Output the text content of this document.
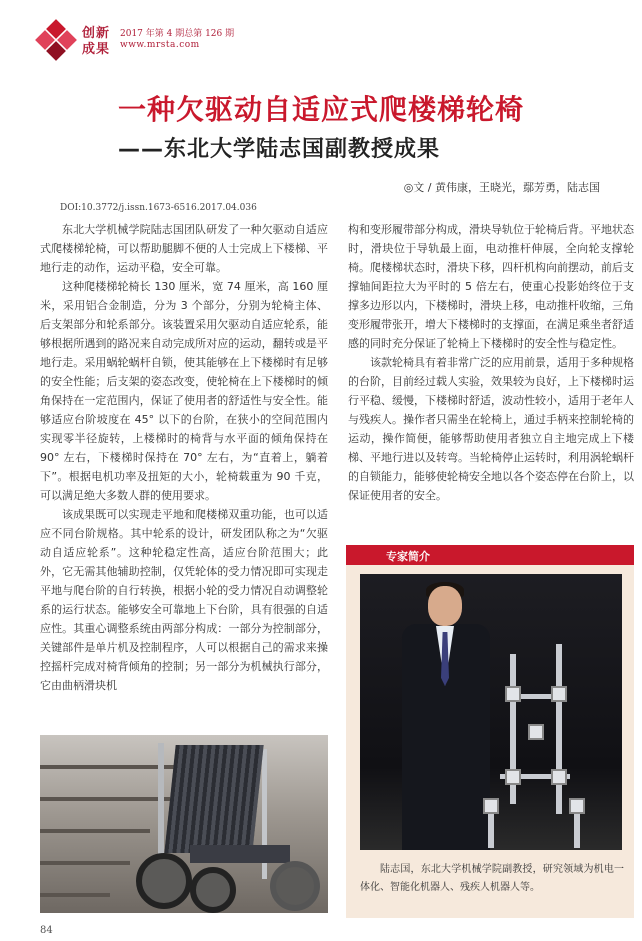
创新
成果
2017 年第 4 期总第 126 期
www.mrsta.com
一种欠驱动自适应式爬楼梯轮椅
——东北大学陆志国副教授成果
◎文 / 黄伟康，王晓光，鄢芳勇，陆志国
DOI:10.3772/j.issn.1673-6516.2017.04.036

东北大学机械学院陆志国团队研发了一种欠驱动自适应式爬楼梯轮椅，可以帮助腿脚不便的人士完成上下楼梯、平地行走的动作，运动平稳，安全可靠。

这种爬楼梯轮椅长 130 厘米，宽 74 厘米，高 160 厘米，采用铝合金制造，分为 3 个部分，分别为轮椅主体、后支架部分和轮系部分。该装置采用欠驱动自适应轮系，能够根据所遇到的路况来自动完成所对应的运动，翻转或是平地行走。采用蜗轮蜗杆自锁，使其能够在上下楼梯时有足够的安全性能；后支架的姿态改变，使轮椅在上下楼梯时的倾角保持在一定范围内，保证了使用者的舒适性与安全性。能够适应台阶坡度在 45° 以下的台阶，在狭小的空间范围内实现零半径旋转，上楼梯时的椅背与水平面的倾角保持在 90° 左右，下楼梯时保持在 70° 左右，为“直着上，躺着下”。根据电机功率及扭矩的大小，轮椅载重为 90 千克，可以满足绝大多数人群的使用要求。

该成果既可以实现走平地和爬楼梯双重功能，也可以适应不同台阶规格。其中轮系的设计，研发团队称之为“欠驱动自适应轮系”。这种轮稳定性高，适应台阶范围大；此外，它无需其他辅助控制，仅凭轮体的受力情况即可实现走平地与爬台阶的自行转换，根据小轮的受力情况自动调整轮系的运行状态。能够安全可靠地上下台阶，具有很强的自适应性。其重心调整系统由两部分构成：一部分为控制部分，关键部件是单片机及控制程序，人可以根据自己的需求来操控摇杆完成对椅背倾角的控制；另一部分为机械执行部分，它由曲柄滑块机

构和变形履带部分构成，滑块导轨位于轮椅后背。平地状态时，滑块位于导轨最上面，电动推杆伸展，全向轮支撑轮椅。爬楼梯状态时，滑块下移，四杆机构向前摆动，前后支撑轴间距拉大为平时的 5 倍左右，使重心投影始终位于支撑多边形以内，下楼梯时，滑块上移，电动推杆收缩，三角变形履带张开，增大下楼梯时的支撑面，在满足乘坐者舒适感的同时充分保证了轮椅上下楼梯时的安全性与稳定性。

该款轮椅具有着非常广泛的应用前景，适用于多种规格的台阶，目前经过载人实验，效果较为良好，上下楼梯时运行平稳、缓慢，下楼梯时舒适，波动性较小，适用于老年人与残疾人。操作者只需坐在轮椅上，通过手柄来控制轮椅的运动，操作简便，能够帮助使用者独立自主地完成上下楼梯、平地行进以及转弯。当轮椅停止运转时，利用涡轮蜗杆的自锁能力，能够使轮椅安全地以各个姿态停在台阶上，以保证使用者的安全。

专家简介
陆志国，东北大学机械学院副教授，研究领域为机电一体化、智能化机器人、残疾人机器人等。
84
